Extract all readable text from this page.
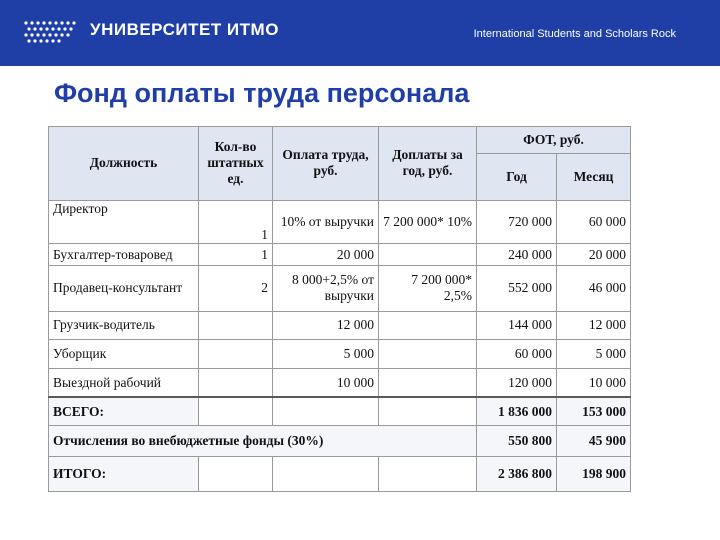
УНИВЕРСИТЕТ ИТМО	International Students and Scholars Rock
Фонд оплаты труда персонала
Должность	Кол-во штатных ед.	Оплата труда, руб.	Доплаты за год, руб.	ФОТ, руб.	
				Год	Месяц
Директор	1	10% от выручки	7 200 000* 10%	720 000	60 000
Бухгалтер-товаровед	1	20 000		240 000	20 000
Продавец-консультант	2	8 000+2,5% от выручки	7 200 000* 2,5%	552 000	46 000
Грузчик-водитель		12 000		144 000	12 000
Уборщик		5 000		60 000	5 000
Выездной рабочий		10 000		120 000	10 000
ВСЕГО:				1 836 000	153 000
Отчисления во внебюджетные фонды (30%)				550 800	45 900
ИТОГО:				2 386 800	198 900
